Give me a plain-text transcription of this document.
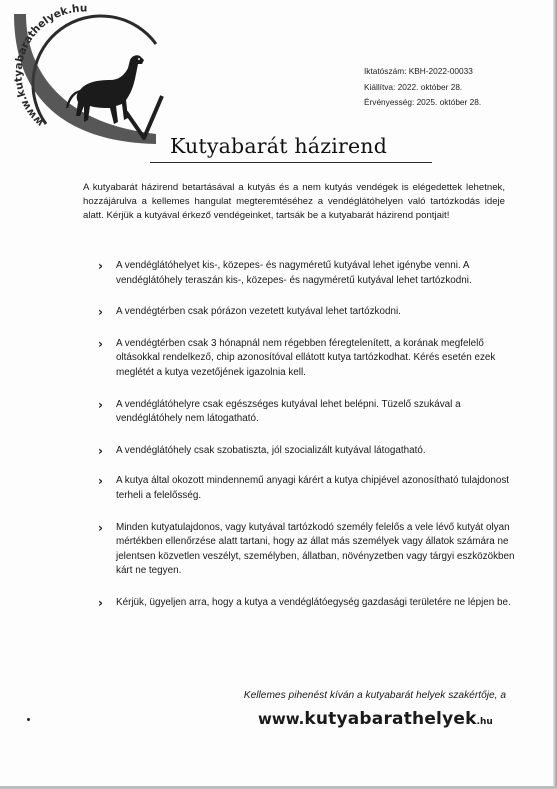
www.kutyabarathelyek.hu
Iktatószám: KBH-2022-00033
Kiállítva: 2022. október 28.
Érvényesség: 2025. október 28.
Kutyabarát házirend
A kutyabarát házirend betartásával a kutyás és a nem kutyás vendégek is elégedettek lehetnek, hozzájárulva a kellemes hangulat megteremtéséhez a vendéglátóhelyen való tartózkodás ideje alatt. Kérjük a kutyával érkező vendégeinket, tartsák be a kutyabarát házirend pontjait!
› A vendéglátóhelyet kis-, közepes- és nagyméretű kutyával lehet igénybe venni. A vendéglátóhely teraszán kis-, közepes- és nagyméretű kutyával lehet tartózkodni.
› A vendégtérben csak pórázon vezetett kutyával lehet tartózkodni.
› A vendégtérben csak 3 hónapnál nem régebben féregtelenített, a korának megfelelő oltásokkal rendelkező, chip azonosítóval ellátott kutya tartózkodhat. Kérés esetén ezek meglétét a kutya vezetőjének igazolnia kell.
› A vendéglátóhelyre csak egészséges kutyával lehet belépni. Tüzelő szukával a vendéglátóhely nem látogatható.
› A vendéglátóhely csak szobatiszta, jól szocializált kutyával látogatható.
› A kutya által okozott mindennemű anyagi kárért a kutya chipjével azonosítható tulajdonost terheli a felelősség.
› Minden kutyatulajdonos, vagy kutyával tartózkodó személy felelős a vele lévő kutyát olyan mértékben ellenőrzése alatt tartani, hogy az állat más személyek vagy állatok számára ne jelentsen közvetlen veszélyt, személyben, állatban, növényzetben vagy tárgyi eszközökben kárt ne tegyen.
› Kérjük, ügyeljen arra, hogy a kutya a vendéglátóegység gazdasági területére ne lépjen be.
Kellemes pihenést kíván a kutyabarát helyek szakértője, a
www.kutyabarathelyek.hu
